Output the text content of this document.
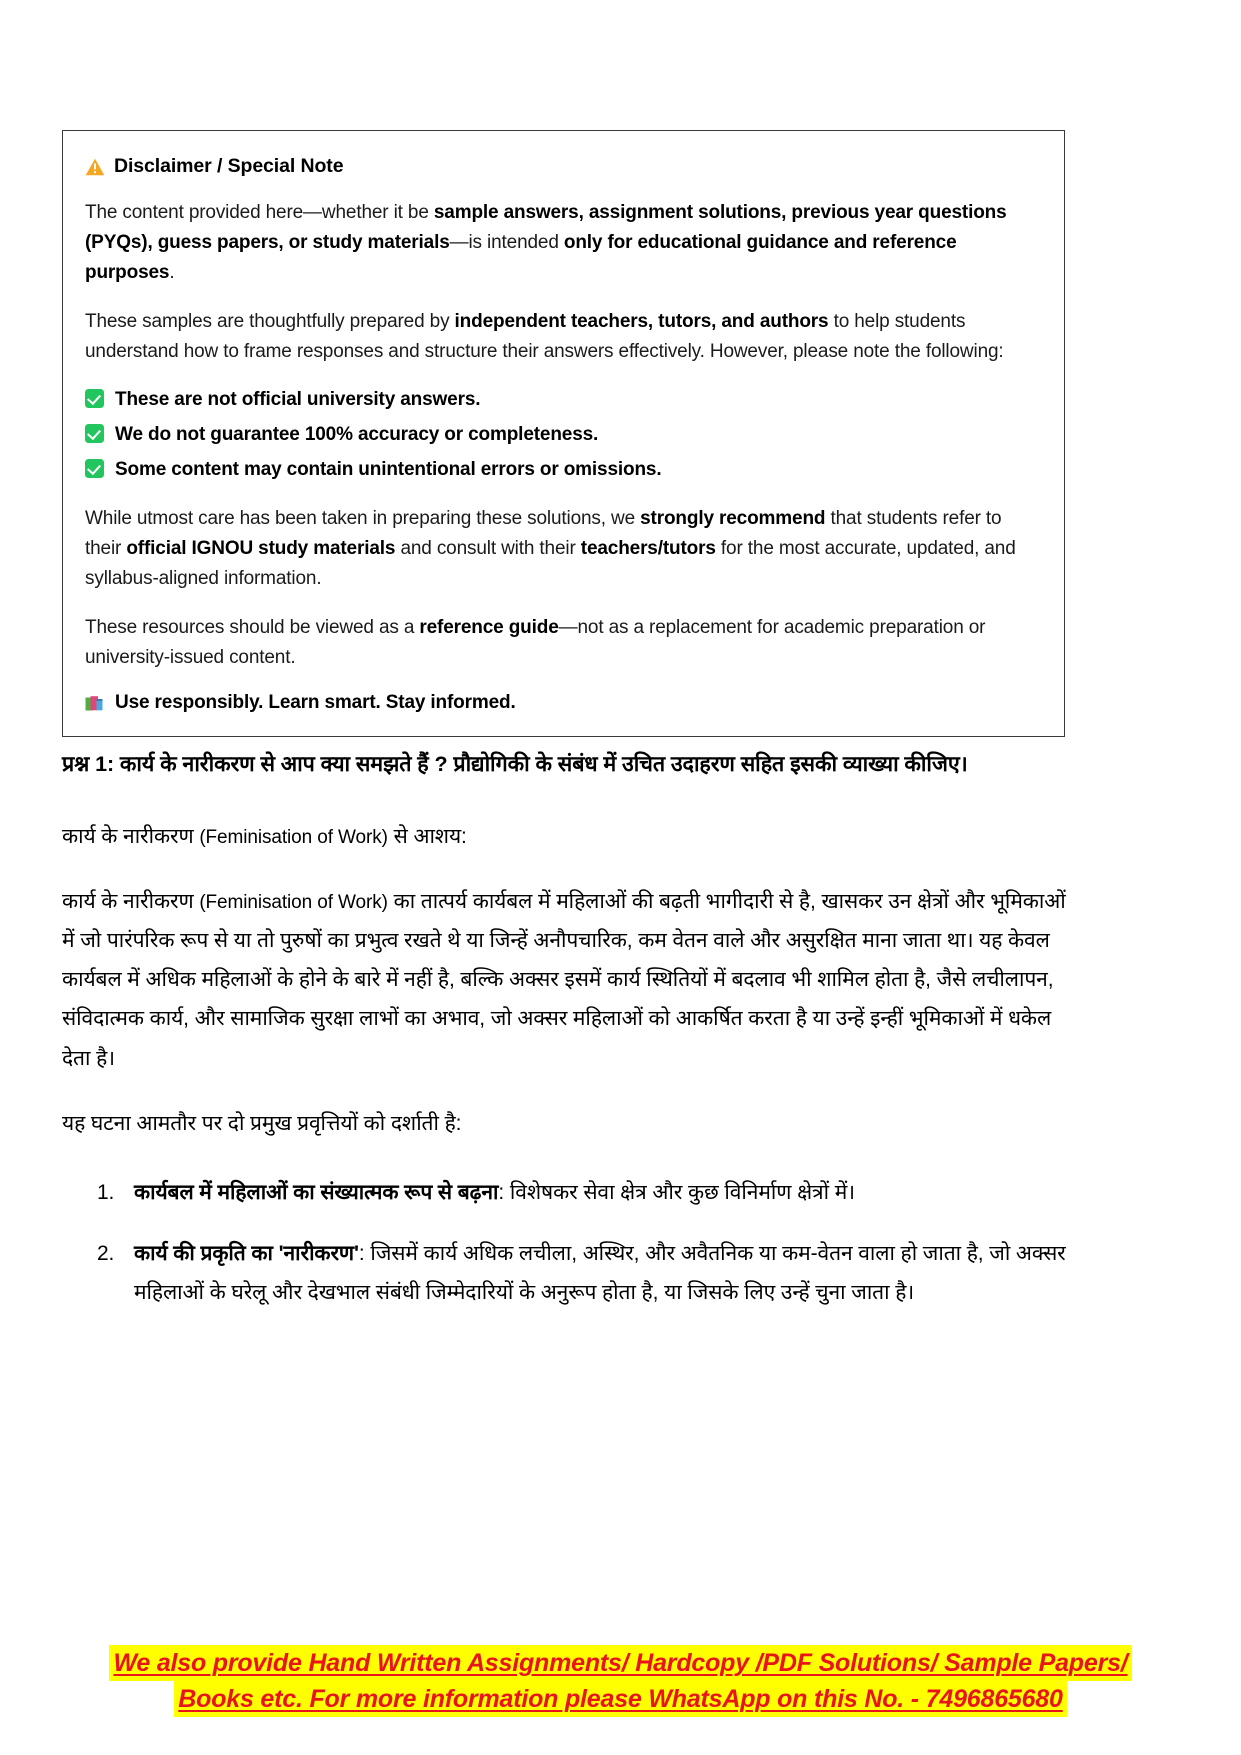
Disclaimer / Special Note

The content provided here—whether it be sample answers, assignment solutions, previous year questions (PYQs), guess papers, or study materials—is intended only for educational guidance and reference purposes.

These samples are thoughtfully prepared by independent teachers, tutors, and authors to help students understand how to frame responses and structure their answers effectively. However, please note the following:

These are not official university answers.
We do not guarantee 100% accuracy or completeness.
Some content may contain unintentional errors or omissions.

While utmost care has been taken in preparing these solutions, we strongly recommend that students refer to their official IGNOU study materials and consult with their teachers/tutors for the most accurate, updated, and syllabus-aligned information.

These resources should be viewed as a reference guide—not as a replacement for academic preparation or university-issued content.

Use responsibly. Learn smart. Stay informed.

प्रश्न 1: कार्य के नारीकरण से आप क्या समझते हैं ? प्रौद्योगिकी के संबंध में उचित उदाहरण सहित इसकी व्याख्या कीजिए।

कार्य के नारीकरण (Feminisation of Work) से आशय:

कार्य के नारीकरण (Feminisation of Work) का तात्पर्य कार्यबल में महिलाओं की बढ़ती भागीदारी से है, खासकर उन क्षेत्रों और भूमिकाओं में जो पारंपरिक रूप से या तो पुरुषों का प्रभुत्व रखते थे या जिन्हें अनौपचारिक, कम वेतन वाले और असुरक्षित माना जाता था। यह केवल कार्यबल में अधिक महिलाओं के होने के बारे में नहीं है, बल्कि अक्सर इसमें कार्य स्थितियों में बदलाव भी शामिल होता है, जैसे लचीलापन, संविदात्मक कार्य, और सामाजिक सुरक्षा लाभों का अभाव, जो अक्सर महिलाओं को आकर्षित करता है या उन्हें इन्हीं भूमिकाओं में धकेल देता है।

यह घटना आमतौर पर दो प्रमुख प्रवृत्तियों को दर्शाती है:

1. कार्यबल में महिलाओं का संख्यात्मक रूप से बढ़ना: विशेषकर सेवा क्षेत्र और कुछ विनिर्माण क्षेत्रों में।
2. कार्य की प्रकृति का 'नारीकरण': जिसमें कार्य अधिक लचीला, अस्थिर, और अवैतनिक या कम-वेतन वाला हो जाता है, जो अक्सर महिलाओं के घरेलू और देखभाल संबंधी जिम्मेदारियों के अनुरूप होता है, या जिसके लिए उन्हें चुना जाता है।
We also provide Hand Written Assignments/ Hardcopy /PDF Solutions/ Sample Papers/
Books etc. For more information please WhatsApp on this No. - 7496865680
